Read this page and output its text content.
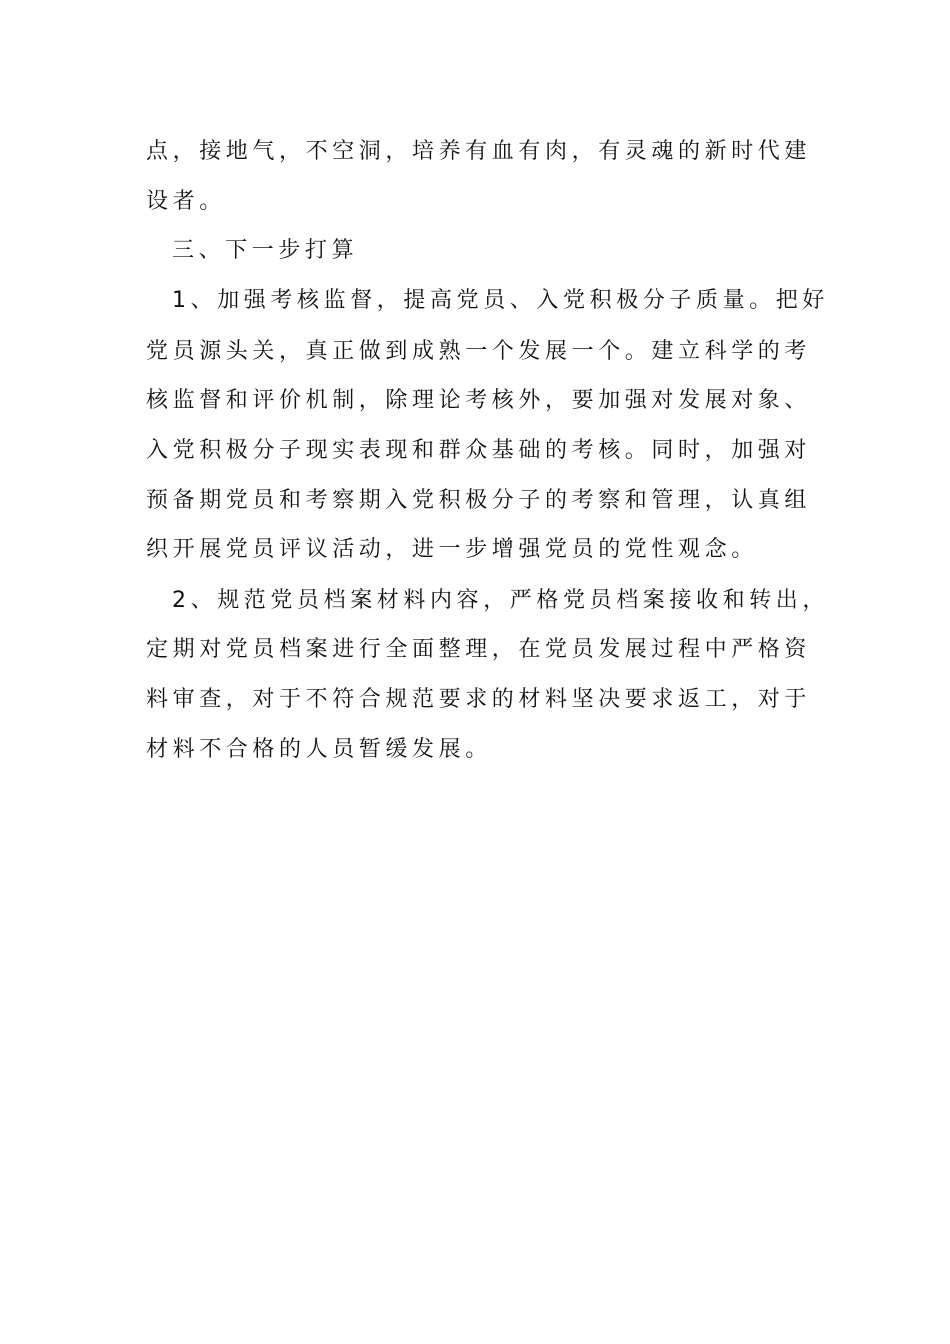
点，接地气，不空洞，培养有血有肉，有灵魂的新时代建
设者。
三、下一步打算
1、加强考核监督，提高党员、入党积极分子质量。把好
党员源头关，真正做到成熟一个发展一个。建立科学的考
核监督和评价机制，除理论考核外，要加强对发展对象、
入党积极分子现实表现和群众基础的考核。同时，加强对
预备期党员和考察期入党积极分子的考察和管理，认真组
织开展党员评议活动，进一步增强党员的党性观念。
2、规范党员档案材料内容，严格党员档案接收和转出，
定期对党员档案进行全面整理，在党员发展过程中严格资
料审查，对于不符合规范要求的材料坚决要求返工，对于
材料不合格的人员暂缓发展。
